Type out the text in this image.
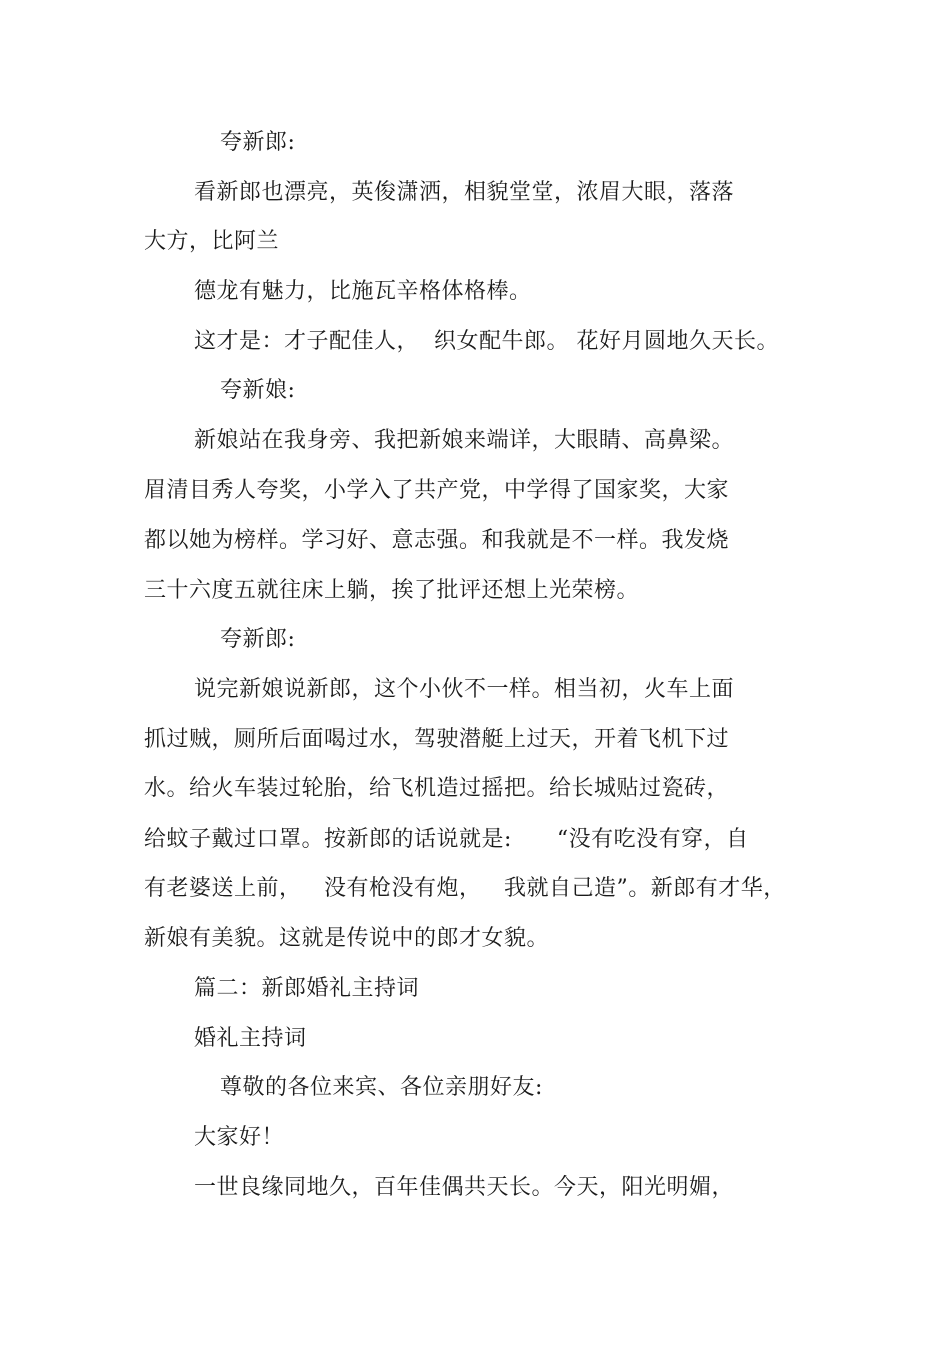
夸新郎:
看新郎也漂亮，英俊潇洒，相貌堂堂，浓眉大眼，落落
大方，比阿兰
德龙有魅力，比施瓦辛格体格棒。
这才是：才子配佳人，  织女配牛郎。 花好月圆地久天长。
夸新娘:
新娘站在我身旁、我把新娘来端详，大眼睛、高鼻梁。
眉清目秀人夸奖，小学入了共产党，中学得了国家奖，大家
都以她为榜样。学习好、意志强。和我就是不一样。我发烧
三十六度五就往床上躺，挨了批评还想上光荣榜。
夸新郎:
说完新娘说新郎，这个小伙不一样。相当初，火车上面
抓过贼，厕所后面喝过水，驾驶潜艇上过天，开着飞机下过
水。给火车装过轮胎，给飞机造过摇把。给长城贴过瓷砖，
给蚊子戴过口罩。按新郎的话说就是:      “没有吃没有穿，自
有老婆送上前，   没有枪没有炮，   我就自己造”。新郎有才华，
新娘有美貌。这就是传说中的郎才女貌。
篇二：新郎婚礼主持词
婚礼主持词
尊敬的各位来宾、各位亲朋好友:
大家好！
一世良缘同地久，百年佳偶共天长。今天，阳光明媚，
